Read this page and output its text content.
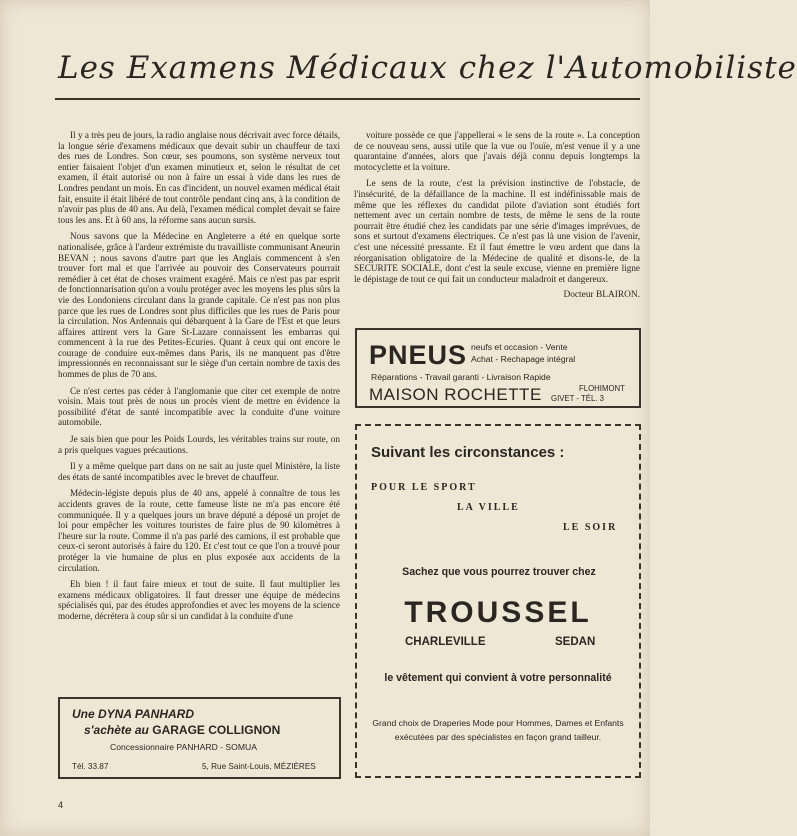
Les Examens Médicaux chez l'Automobiliste

Il y a très peu de jours, la radio anglaise nous décrivait avec force détails, la longue série d'examens médicaux que devait subir un chauffeur de taxi des rues de Londres. Son cœur, ses poumons, son système nerveux tout entier faisaient l'objet d'un examen minutieux et, selon le résultat de cet examen, il était autorisé ou non à faire un essai à vide dans les rues de Londres pendant un mois. En cas d'incident, un nouvel examen médical était fait, ensuite il était libéré de tout contrôle pendant cinq ans, à la condition de n'avoir pas plus de 40 ans. Au delà, l'examen médical complet devait se faire tous les ans. Et à 60 ans, la réforme sans aucun sursis.

Nous savons que la Médecine en Angleterre a été en quelque sorte nationalisée, grâce à l'ardeur extrémiste du travailliste communisant Aneurin BEVAN ; nous savons d'autre part que les Anglais commencent à s'en trouver fort mal et que l'arrivée au pouvoir des Conservateurs pourrait remédier à cet état de choses vraiment exagéré. Mais ce n'est pas par esprit de fonctionnarisation qu'on a voulu protéger avec les moyens les plus sûrs la vie des Londoniens circulant dans la grande capitale. Ce n'est pas non plus parce que les rues de Londres sont plus difficiles que les rues de Paris pour la circulation. Nos Ardennais qui débarquent à la Gare de l'Est et que leurs affaires attirent vers la Gare St-Lazare connaissent les embarras qui commencent à la rue des Petites-Ecuries. Quant à ceux qui ont encore le courage de conduire eux-mêmes dans Paris, ils ne manquent pas d'être impressionnés en reconnaissant sur le siège d'un certain nombre de taxis des hommes de plus de 70 ans.

Ce n'est certes pas céder à l'anglomanie que citer cet exemple de notre voisin. Mais tout près de nous un procès vient de mettre en évidence la possibilité d'état de santé incompatible avec la conduite d'une voiture automobile.

Je sais bien que pour les Poids Lourds, les véritables trains sur route, on a pris quelques vagues précautions.

Il y a même quelque part dans on ne sait au juste quel Ministère, la liste des états de santé incompatibles avec le brevet de chauffeur.

Médecin-légiste depuis plus de 40 ans, appelé à connaître de tous les accidents graves de la route, cette fameuse liste ne m'a pas encore été communiquée. Il y a quelques jours un brave député a déposé un projet de loi pour empêcher les voitures touristes de faire plus de 90 kilomètres à l'heure sur la route. Comme il n'a pas parlé des camions, il est probable que ceux-ci seront autorisés à faire du 120. Et c'est tout ce que l'on a trouvé pour protéger la vie humaine de plus en plus exposée aux accidents de la circulation.

Eh bien ! il faut faire mieux et tout de suite. Il faut multiplier les examens médicaux obligatoires. Il faut dresser une équipe de médecins spécialisés qui, par des études approfondies et avec les moyens de la science moderne, décrétera à coup sûr si un candidat à la conduite d'une

voiture possède ce que j'appellerai « le sens de la route ». La conception de ce nouveau sens, aussi utile que la vue ou l'ouïe, m'est venue il y a une quarantaine d'années, alors que j'avais déjà connu depuis longtemps la motocyclette et la voiture.

Le sens de la route, c'est la prévision instinctive de l'obstacle, de l'insécurité, de la défaillance de la machine. Il est indéfinissable mais de même que les réflexes du candidat pilote d'aviation sont étudiés fort nettement avec un certain nombre de tests, de même le sens de la route pourrait être étudié chez les candidats par une série d'images imprévues, de sons et surtout d'examens électriques. Ce n'est pas là une vision de l'avenir, c'est une nécessité pressante. Et il faut émettre le vœu ardent que dans la réorganisation obligatoire de la Médecine de qualité et disons-le, de la SECURITE SOCIALE, dont c'est la seule excuse, vienne en première ligne le dépistage de tout ce qui fait un conducteur maladroit et dangereux.

Docteur BLAIRON.

PNEUS neufs et occasion - Vente
Achat - Rechapage intégral
Réparations - Travail garanti - Livraison Rapide
MAISON ROCHETTE	FLOHIMONT
GIVET - TÉL. 3
Suivant les circonstances :
POUR LE SPORT
LA VILLE
LE SOIR
Sachez que vous pourrez trouver chez
TROUSSEL
CHARLEVILLE	SEDAN
le vêtement qui convient à votre personnalité
Grand choix de Draperies Mode pour Hommes, Dames et Enfants exécutées par des spécialistes en façon grand tailleur.
Une DYNA PANHARD
s'achète au GARAGE COLLIGNON
Concessionnaire PANHARD - SOMUA
Tél. 33.87	5, Rue Saint-Louis, MÉZIÈRES
4
